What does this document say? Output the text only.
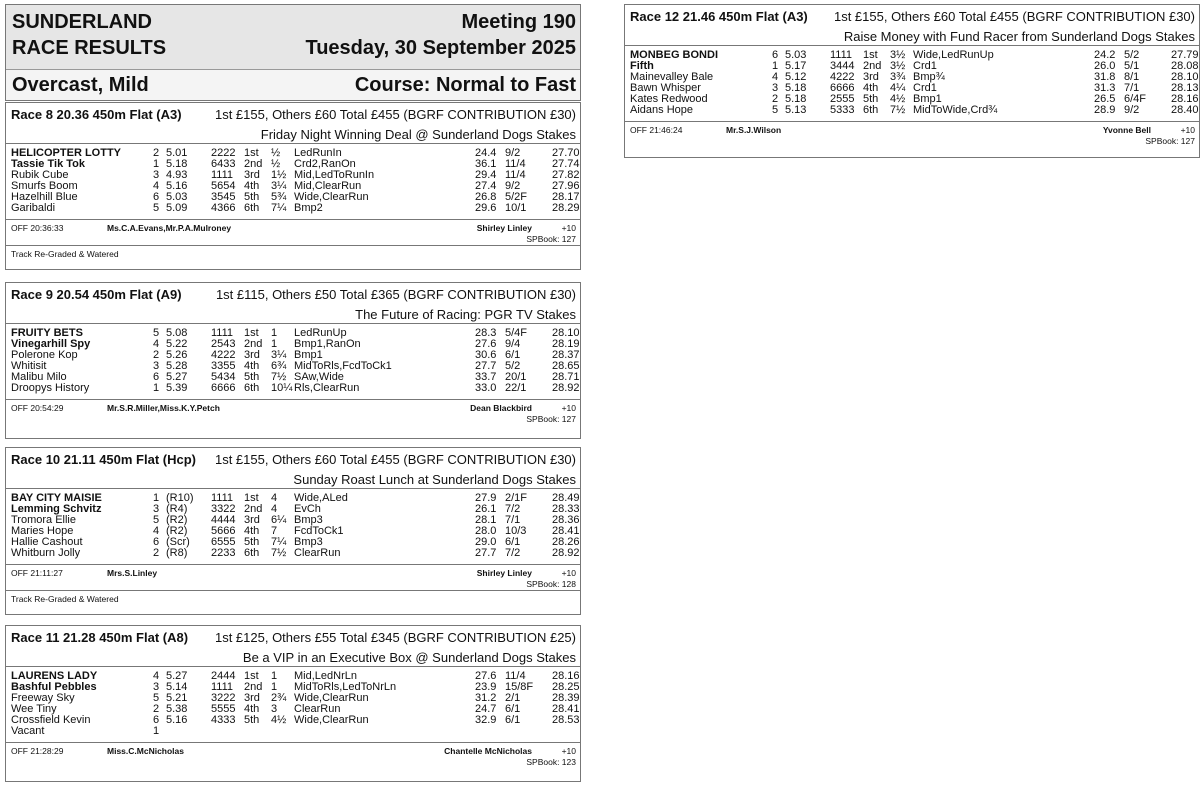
SUNDERLAND
RACE RESULTS
Meeting 190
Tuesday, 30 September 2025
Overcast, Mild	Course: Normal to Fast
Race 8 20.36 450m Flat (A3)	1st £155, Others £60 Total £455 (BGRF CONTRIBUTION £30)
Friday Night Winning Deal @ Sunderland Dogs Stakes
HELICOPTER LOTTY	2 5.01 2222 1st ½ LedRunIn	24.4 9/2	27.70
Tassie Tik Tok	1 5.18 6433 2nd ½ Crd2,RanOn	36.1 11/4 27.74
Rubik Cube	3 4.93 1111 3rd 1½ Mid,LedToRunIn	29.4 11/4 27.82
Smurfs Boom	4 5.16 5654 4th 3¼ Mid,ClearRun	27.4 9/2	27.96
Hazelhill Blue	6 5.03 3545 5th 5¾ Wide,ClearRun	26.8 5/2F 28.17
Garibaldi	5 5.09 4366 6th 7¼ Bmp2	29.6 10/1 28.29
OFF 20:36:33	Ms.C.A.Evans,Mr.P.A.Mulroney	Shirley Linley	+10
SPBook: 127
Track Re-Graded & Watered
Race 9 20.54 450m Flat (A9)	1st £115, Others £50 Total £365 (BGRF CONTRIBUTION £30)
The Future of Racing: PGR TV Stakes
FRUITY BETS	5 5.08 1111 1st 1 LedRunUp	28.3 5/4F 28.10
Vinegarhill Spy	4 5.22 2543 2nd 1 Bmp1,RanOn	27.6 9/4	28.19
Polerone Kop	2 5.26 4222 3rd 3¼ Bmp1	30.6 6/1	28.37
Whitisit	3 5.28 3355 4th 6¾ MidToRls,FcdToCk1	27.7 5/2	28.65
Malibu Milo	6 5.27 5434 5th 7½ SAw,Wide	33.7 20/1 28.71
Droopys History	1 5.39 6666 6th 10¼ Rls,ClearRun	33.0 22/1 28.92
OFF 20:54:29	Mr.S.R.Miller,Miss.K.Y.Petch	Dean Blackbird	+10
SPBook: 127
Race 10 21.11 450m Flat (Hcp) 1st £155, Others £60 Total £455 (BGRF CONTRIBUTION £30)
Sunday Roast Lunch at Sunderland Dogs Stakes
BAY CITY MAISIE	1 (R10) 1111 1st 4 Wide,ALed	27.9 2/1F 28.49
Lemming Schvitz	3 (R4) 3322 2nd 4 EvCh	26.1 7/2	28.33
Tromora Ellie	5 (R2) 4444 3rd 6¼ Bmp3	28.1 7/1	28.36
Maries Hope	4 (R2) 5666 4th 7 FcdToCk1	28.0 10/3 28.41
Hallie Cashout	6 (Scr) 6555 5th 7¼ Bmp3	29.0 6/1	28.26
Whitburn Jolly	2 (R8) 2233 6th 7½ ClearRun	27.7 7/2	28.92
OFF 21:11:27	Mrs.S.Linley	Shirley Linley	+10
SPBook: 128
Track Re-Graded & Watered
Race 11 21.28 450m Flat (A8) 1st £125, Others £55 Total £345 (BGRF CONTRIBUTION £25)
Be a VIP in an Executive Box @ Sunderland Dogs Stakes
LAURENS LADY	4 5.27 2444 1st 1 Mid,LedNrLn	27.6 11/4 28.16
Bashful Pebbles	3 5.14 1111 2nd 1 MidToRls,LedToNrLn	23.9 15/8F 28.25
Freeway Sky	5 5.21 3222 3rd 2¾ Wide,ClearRun	31.2 2/1	28.39
Wee Tiny	2 5.38 5555 4th 3 ClearRun	24.7 6/1	28.41
Crossfield Kevin	6 5.16 4333 5th 4½ Wide,ClearRun	32.9 6/1	28.53
Vacant	1
OFF 21:28:29	Miss.C.McNicholas	Chantelle McNicholas	+10
SPBook: 123
Race 12 21.46 450m Flat (A3) 1st £155, Others £60 Total £455 (BGRF CONTRIBUTION £30)
Raise Money with Fund Racer from Sunderland Dogs Stakes
MONBEG BONDI	6 5.03 1111 1st 3½ Wide,LedRunUp	24.2 5/2	27.79
Fifth	1 5.17 3444 2nd 3½ Crd1	26.0 5/1	28.08
Mainevalley Bale	4 5.12 4222 3rd 3¾ Bmp¾	31.8 8/1	28.10
Bawn Whisper	3 5.18 6666 4th 4¼ Crd1	31.3 7/1	28.13
Kates Redwood	2 5.18 2555 5th 4½ Bmp1	26.5 6/4F 28.16
Aidans Hope	5 5.13 5333 6th 7½ MidToWide,Crd¾	28.9 9/2	28.40
OFF 21:46:24	Mr.S.J.Wilson	Yvonne Bell	+10
SPBook: 127
